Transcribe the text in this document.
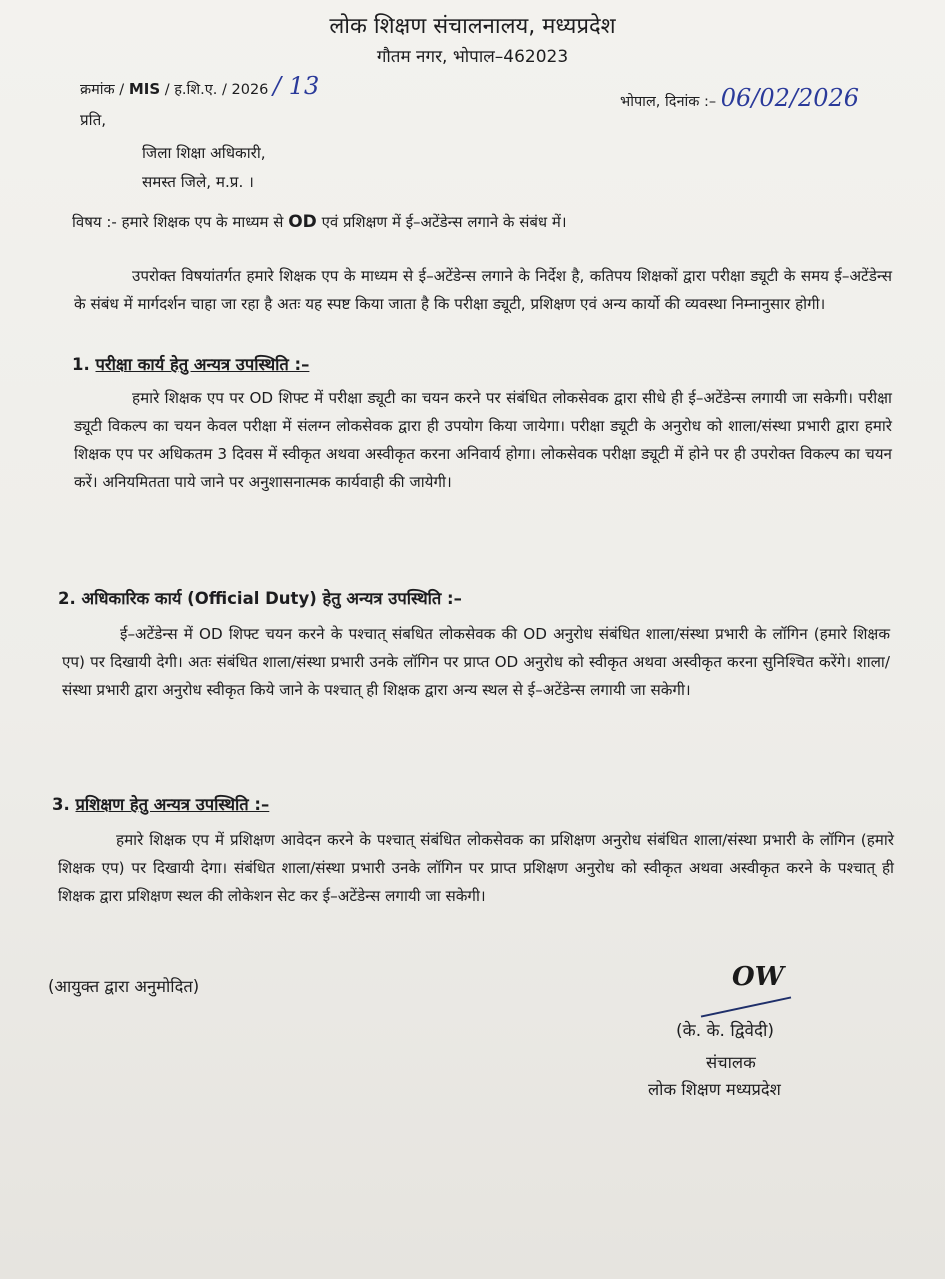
लोक शिक्षण संचालनालय, मध्यप्रदेश
गौतम नगर, भोपाल–462023
क्रमांक / MIS / ह.शि.ए. / 2026 / 13
भोपाल, दिनांक :– 06/02/2026
प्रति,
जिला शिक्षा अधिकारी,
समस्त जिले, म.प्र. ।
विषय :- हमारे शिक्षक एप के माध्यम से OD एवं प्रशिक्षण में ई–अटेंडेन्स लगाने के संबंध में।
उपरोक्त विषयांतर्गत हमारे शिक्षक एप के माध्यम से ई–अटेंडेन्स लगाने के निर्देश है, कतिपय शिक्षकों द्वारा परीक्षा ड्यूटी के समय ई–अटेंडेन्स के संबंध में मार्गदर्शन चाहा जा रहा है अतः यह स्पष्ट किया जाता है कि परीक्षा ड्यूटी, प्रशिक्षण एवं अन्य कार्यो की व्यवस्था निम्नानुसार होगी।
1. परीक्षा कार्य हेतु अन्यत्र उपस्थिति :–
हमारे शिक्षक एप पर OD शिफ्ट में परीक्षा ड्यूटी का चयन करने पर संबंधित लोकसेवक द्वारा सीधे ही ई–अटेंडेन्स लगायी जा सकेगी। परीक्षा ड्यूटी विकल्प का चयन केवल परीक्षा में संलग्न लोकसेवक द्वारा ही उपयोग किया जायेगा। परीक्षा ड्यूटी के अनुरोध को शाला/संस्था प्रभारी द्वारा हमारे शिक्षक एप पर अधिकतम 3 दिवस में स्वीकृत अथवा अस्वीकृत करना अनिवार्य होगा। लोकसेवक परीक्षा ड्यूटी में होने पर ही उपरोक्त विकल्प का चयन करें। अनियमितता पाये जाने पर अनुशासनात्मक कार्यवाही की जायेगी।
2. अधिकारिक कार्य (Official Duty) हेतु अन्यत्र उपस्थिति :–
ई–अटेंडेन्स में OD शिफ्ट चयन करने के पश्चात् संबधित लोकसेवक की OD अनुरोध संबंधित शाला/संस्था प्रभारी के लॉगिन (हमारे शिक्षक एप) पर दिखायी देगी। अतः संबंधित शाला/संस्था प्रभारी उनके लॉगिन पर प्राप्त OD अनुरोध को स्वीकृत अथवा अस्वीकृत करना सुनिश्चित करेंगे। शाला/संस्था प्रभारी द्वारा अनुरोध स्वीकृत किये जाने के पश्चात् ही शिक्षक द्वारा अन्य स्थल से ई–अटेंडेन्स लगायी जा सकेगी।
3. प्रशिक्षण हेतु अन्यत्र उपस्थिति :–
हमारे शिक्षक एप में प्रशिक्षण आवेदन करने के पश्चात् संबंधित लोकसेवक का प्रशिक्षण अनुरोध संबंधित शाला/संस्था प्रभारी के लॉगिन (हमारे शिक्षक एप) पर दिखायी देगा। संबंधित शाला/संस्था प्रभारी उनके लॉगिन पर प्राप्त प्रशिक्षण अनुरोध को स्वीकृत अथवा अस्वीकृत करने के पश्चात् ही शिक्षक द्वारा प्रशिक्षण स्थल की लोकेशन सेट कर ई–अटेंडेन्स लगायी जा सकेगी।
(आयुक्त द्वारा अनुमोदित)	OW
(के. के. द्विवेदी)
संचालक
लोक शिक्षण मध्यप्रदेश
